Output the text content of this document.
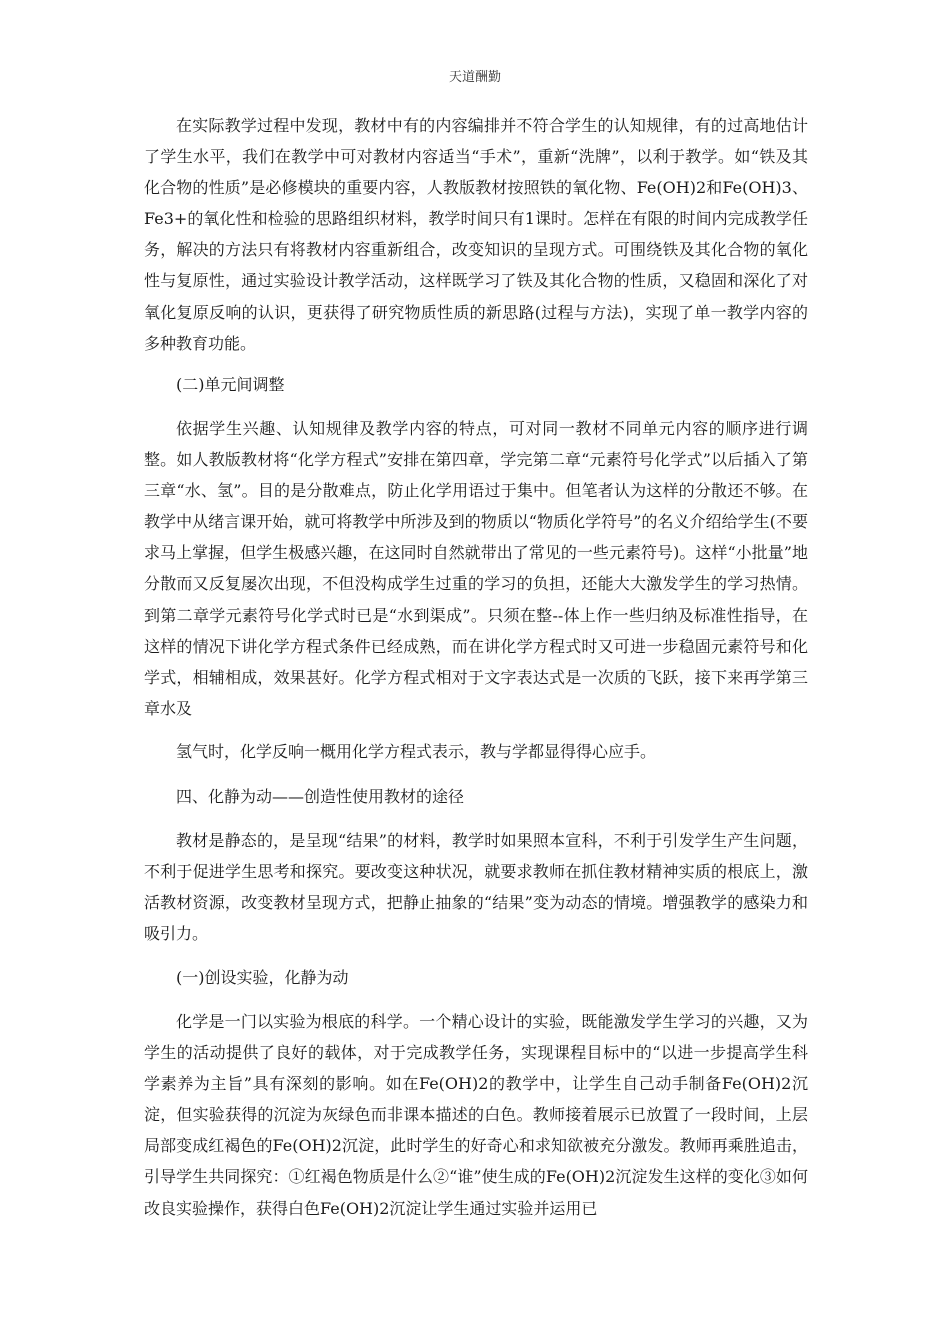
天道酬勤

在实际教学过程中发现，教材中有的内容编排并不符合学生的认知规律，有的过高地估计了学生水平，我们在教学中可对教材内容适当“手术”，重新“洗牌”，以利于教学。如“铁及其化合物的性质”是必修模块的重要内容，人教版教材按照铁的氧化物、Fe(OH)2和Fe(OH)3、Fe3+的氧化性和检验的思路组织材料，教学时间只有1课时。怎样在有限的时间内完成教学任务，解决的方法只有将教材内容重新组合，改变知识的呈现方式。可围绕铁及其化合物的氧化性与复原性，通过实验设计教学活动，这样既学习了铁及其化合物的性质，又稳固和深化了对氧化复原反响的认识，更获得了研究物质性质的新思路(过程与方法)，实现了单一教学内容的多种教育功能。

(二)单元间调整

依据学生兴趣、认知规律及教学内容的特点，可对同一教材不同单元内容的顺序进行调整。如人教版教材将“化学方程式”安排在第四章，学完第二章“元素符号化学式”以后插入了第三章“水、氢”。目的是分散难点，防止化学用语过于集中。但笔者认为这样的分散还不够。在教学中从绪言课开始，就可将教学中所涉及到的物质以“物质化学符号”的名义介绍给学生(不要求马上掌握，但学生极感兴趣，在这同时自然就带出了常见的一些元素符号)。这样“小批量”地分散而又反复屡次出现，不但没构成学生过重的学习的负担，还能大大激发学生的学习热情。到第二章学元素符号化学式时已是“水到渠成”。只须在整--体上作一些归纳及标准性指导，在这样的情况下讲化学方程式条件已经成熟，而在讲化学方程式时又可进一步稳固元素符号和化学式，相辅相成，效果甚好。化学方程式相对于文字表达式是一次质的飞跃，接下来再学第三章水及

氢气时，化学反响一概用化学方程式表示，教与学都显得得心应手。

四、化静为动——创造性使用教材的途径

教材是静态的，是呈现“结果”的材料，教学时如果照本宣科，不利于引发学生产生问题，不利于促进学生思考和探究。要改变这种状况，就要求教师在抓住教材精神实质的根底上，激活教材资源，改变教材呈现方式，把静止抽象的“结果”变为动态的情境。增强教学的感染力和吸引力。

(一)创设实验，化静为动

化学是一门以实验为根底的科学。一个精心设计的实验，既能激发学生学习的兴趣，又为学生的活动提供了良好的载体，对于完成教学任务，实现课程目标中的“以进一步提高学生科学素养为主旨”具有深刻的影响。如在Fe(OH)2的教学中，让学生自己动手制备Fe(OH)2沉淀，但实验获得的沉淀为灰绿色而非课本描述的白色。教师接着展示已放置了一段时间，上层局部变成红褐色的Fe(OH)2沉淀，此时学生的好奇心和求知欲被充分激发。教师再乘胜追击，引导学生共同探究：①红褐色物质是什么②“谁”使生成的Fe(OH)2沉淀发生这样的变化③如何改良实验操作，获得白色Fe(OH)2沉淀让学生通过实验并运用已
